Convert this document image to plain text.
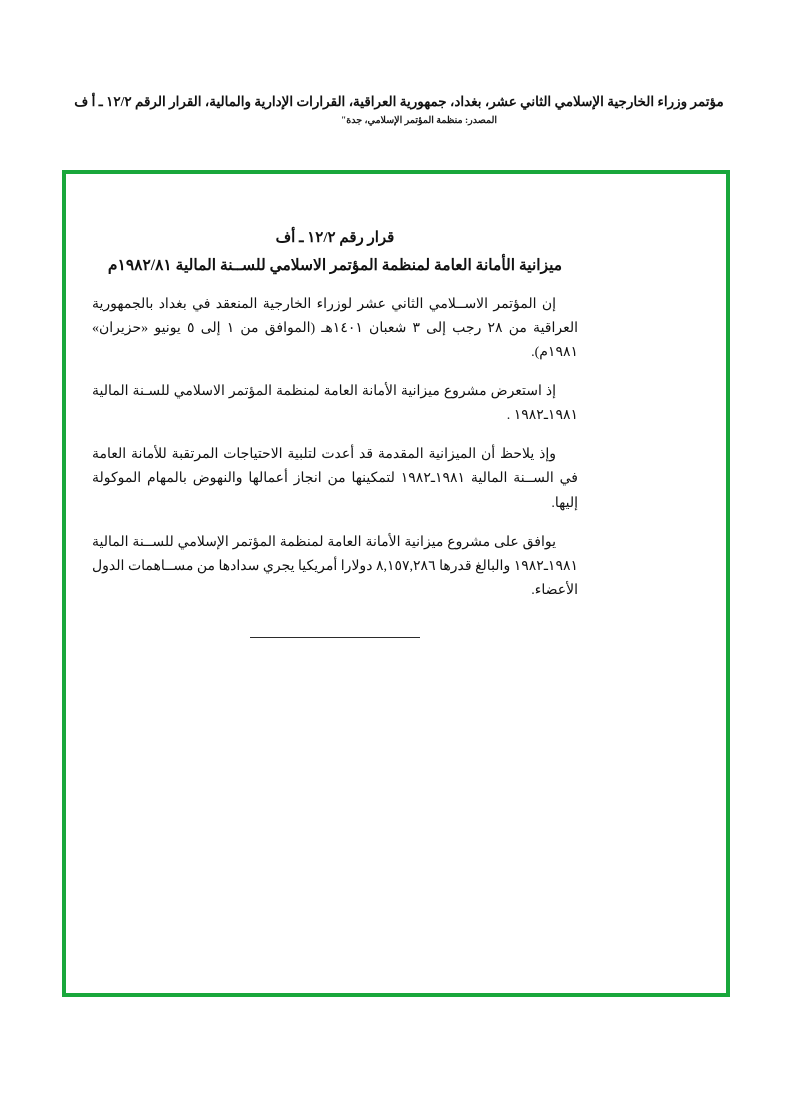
مؤتمر وزراء الخارجية الإسلامي الثاني عشر، بغداد، جمهورية العراقية، القرارات الإدارية والمالية، القرار الرقم ١٢/٢ ـ أ ف
المصدر: منظمة المؤتمر الإسلامي، جدة"
قرار رقم ١٢/٢ ـ أف
ميزانية الأمانة العامة لمنظمة المؤتمر الاسلامي للســنة المالية ١٩٨٢/٨١م
إن المؤتمر الاســلامي الثاني عشر لوزراء الخارجية المنعقد في بغداد بالجمهورية العراقية من ٢٨ رجب إلى ٣ شعبان ١٤٠١هـ (الموافق من ١ إلى ٥ يونيو «حزيران» ١٩٨١م).
إذ استعرض مشروع ميزانية الأمانة العامة لمنظمة المؤتمر الاسلامي للسـنة المالية ١٩٨١ـ١٩٨٢ .
وإذ يلاحظ أن الميزانية المقدمة قد أعدت لتلبية الاحتياجات المرتقبة للأمانة العامة في الســنة المالية ١٩٨١ـ١٩٨٢ لتمكينها من انجاز أعمالها والنهوض بالمهام الموكولة إليها.
يوافق على مشروع ميزانية الأمانة العامة لمنظمة المؤتمر الإسلامي للســنة المالية ١٩٨١ـ١٩٨٢ والبالغ قدرها ٨,١٥٧,٢٨٦ دولارا أمريكيا يجري سدادها من مســاهمات الدول الأعضاء.
